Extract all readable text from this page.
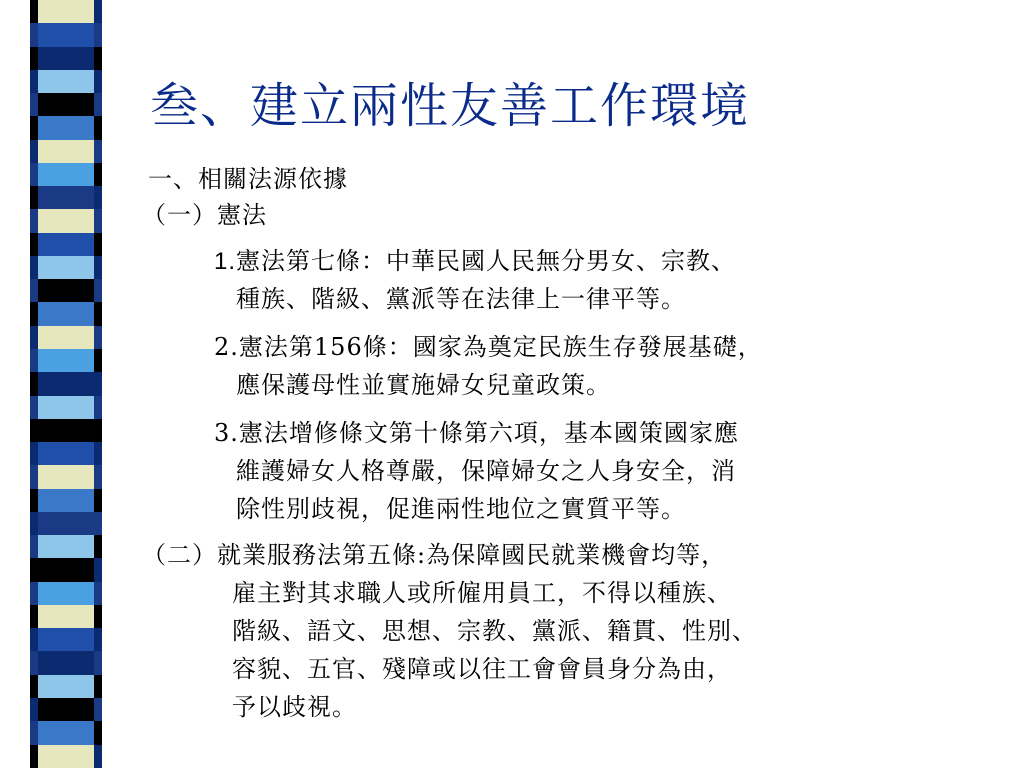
叁、建立兩性友善工作環境
一、相關法源依據
（一）憲法
1.憲法第七條：中華民國人民無分男女、宗教、
種族、階級、黨派等在法律上一律平等。
2.憲法第156條：國家為奠定民族生存發展基礎，
應保護母性並實施婦女兒童政策。
3.憲法增修條文第十條第六項，基本國策國家應
維護婦女人格尊嚴，保障婦女之人身安全，消
除性別歧視，促進兩性地位之實質平等。
（二）就業服務法第五條:為保障國民就業機會均等，
雇主對其求職人或所僱用員工，不得以種族、
階級、語文、思想、宗教、黨派、籍貫、性別、
容貌、五官、殘障或以往工會會員身分為由，
予以歧視。
